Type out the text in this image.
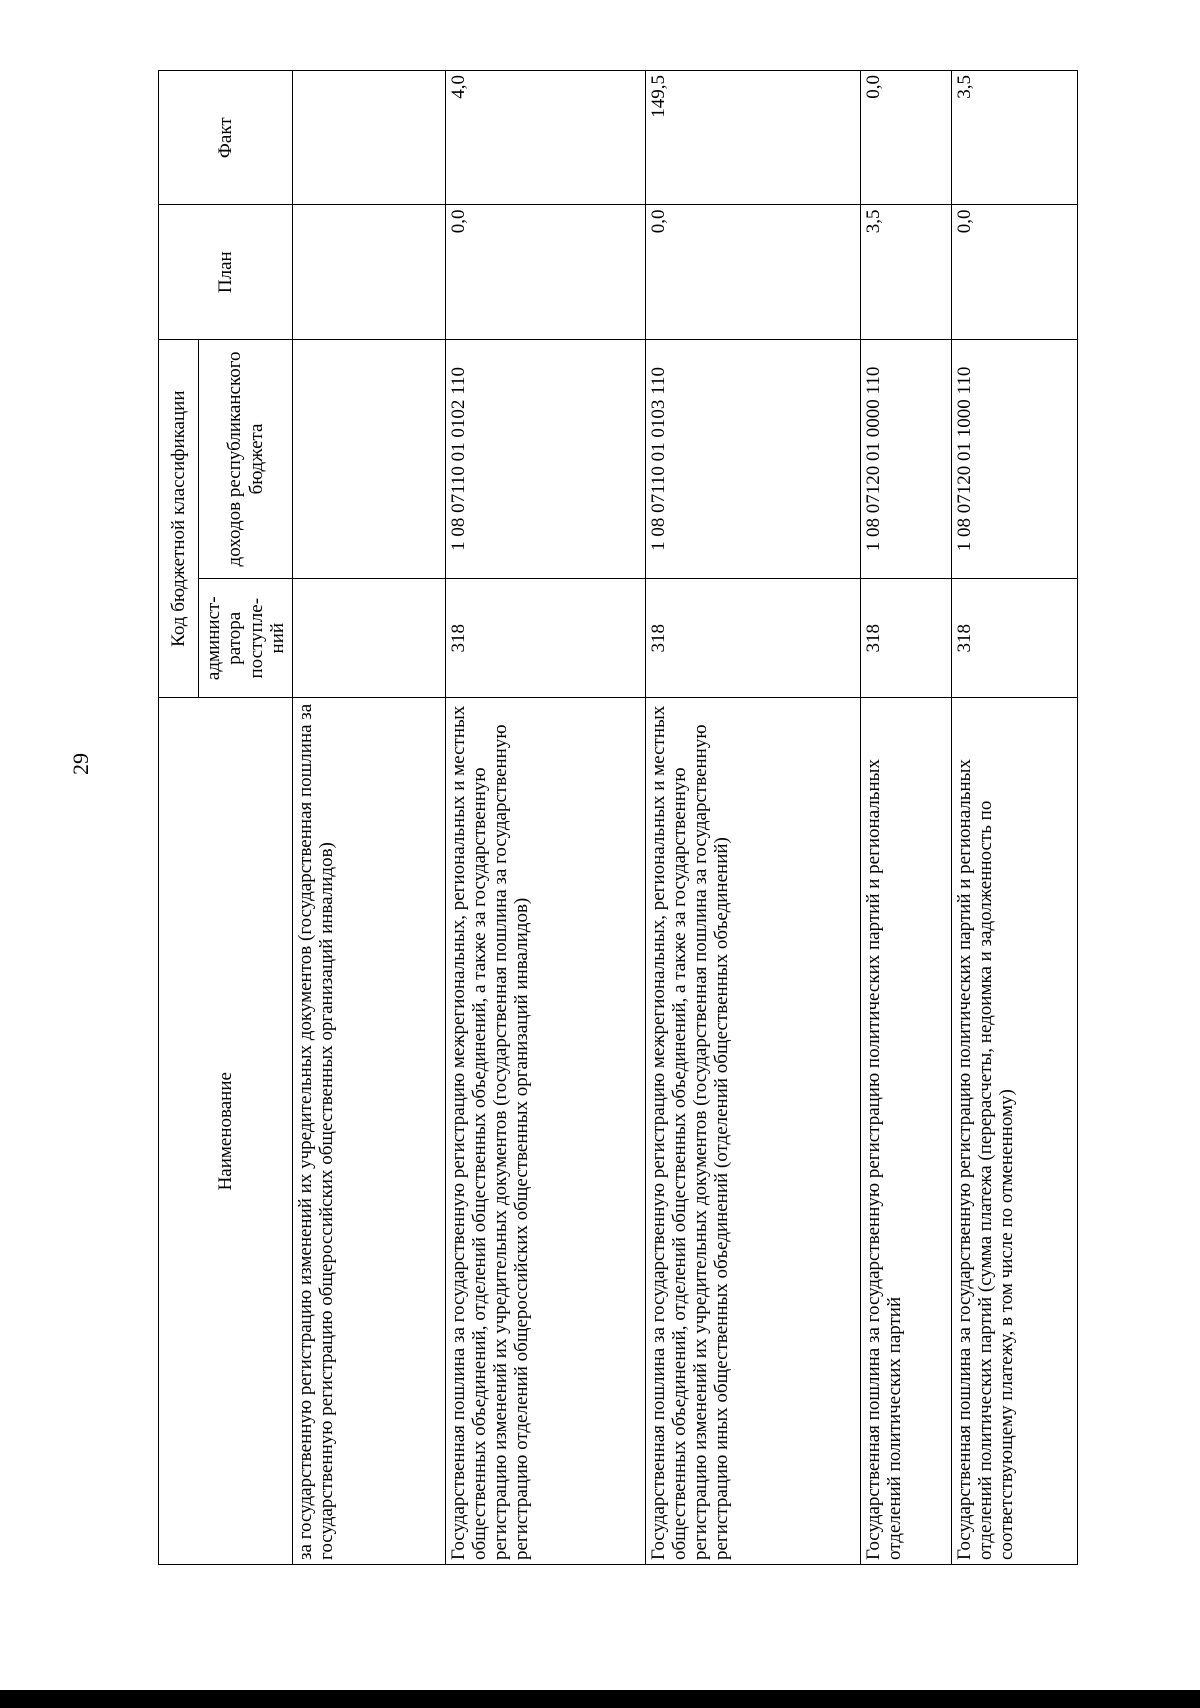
29
Наименование	Код бюджетной классификации		План	Факт
	админист-ратора поступле-ний	доходов республиканского бюджета		
за государственную регистрацию изменений их учредительных документов (государственная пошлина за государственную регистрацию общероссийских общественных организаций инвалидов)				
Государственная пошлина за государственную регистрацию межрегиональных, региональных и местных общественных объединений, отделений общественных объединений, а также за государственную регистрацию изменений их учредительных документов (государственная пошлина за государственную регистрацию отделений общероссийских общественных организаций инвалидов)	318	1 08 07110 01 0102 110	0,0	4,0
Государственная пошлина за государственную регистрацию межрегиональных, региональных и местных общественных объединений, отделений общественных объединений, а также за государственную регистрацию изменений их учредительных документов (государственная пошлина за государственную регистрацию иных общественных объединений (отделений общественных объединений)	318	1 08 07110 01 0103 110	0,0	149,5
Государственная пошлина за государственную регистрацию политических партий и региональных отделений политических партий	318	1 08 07120 01 0000 110	3,5	0,0
Государственная пошлина за государственную регистрацию политических партий и региональных отделений политических партий (сумма платежа (перерасчеты, недоимка и задолженность по соответствующему платежу, в том числе по отмененному)	318	1 08 07120 01 1000 110	0,0	3,5
